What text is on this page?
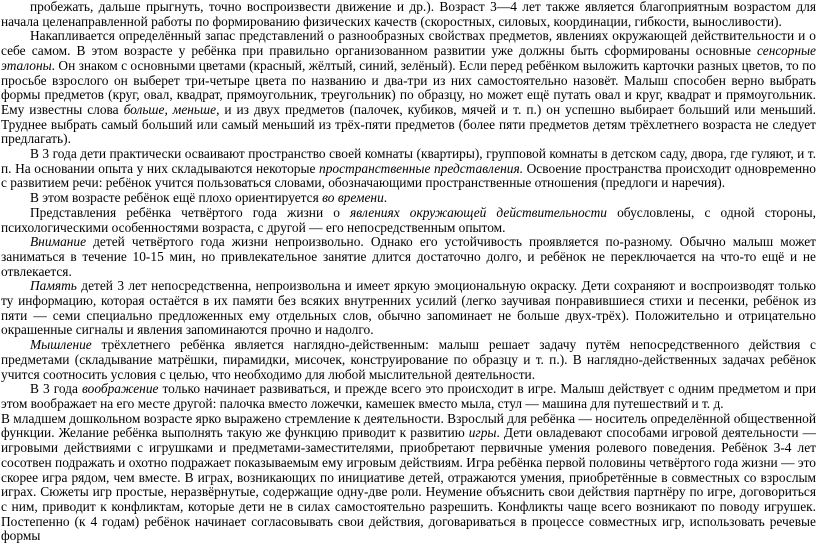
пробежать, дальше прыгнуть, точно воспроизвести движение и др.). Возраст 3—4 лет также является благоприятным возрастом для начала целенаправленной работы по формированию физических качеств (скоростных, силовых, координации, гибкости, выносливости).

Накапливается определённый запас представлений о разнообразных свойствах предметов, явлениях окружающей действительности и о себе самом. В этом возрасте у ребёнка при правильно организованном развитии уже должны быть сформированы основные сенсорные эталоны. Он знаком с основными цветами (красный, жёлтый, синий, зелёный). Если перед ребёнком выложить карточки разных цветов, то по просьбе взрослого он выберет три-четыре цвета по названию и два-три из них самостоятельно назовёт. Малыш способен верно выбрать формы предметов (круг, овал, квадрат, прямоугольник, треугольник) по образцу, но может ещё путать овал и круг, квадрат и прямоугольник. Ему известны слова больше, меньше, и из двух предметов (палочек, кубиков, мячей и т. п.) он успешно выбирает больший или меньший. Труднее выбрать самый больший или самый меньший из трёх-пяти предметов (более пяти предметов детям трёхлетнего возраста не следует предлагать).

В 3 года дети практически осваивают пространство своей комнаты (квартиры), групповой комнаты в детском саду, двора, где гуляют, и т. п. На основании опыта у них складываются некоторые пространственные представления. Освоение пространства происходит одновременно с развитием речи: ребёнок учится пользоваться словами, обозначающими пространственные отношения (предлоги и наречия).

В этом возрасте ребёнок ещё плохо ориентируется во времени.

Представления ребёнка четвёртого года жизни о явлениях окружающей действительности обусловлены, с одной стороны, психологическими особенностями возраста, с другой — его непосредственным опытом.

Внимание детей четвёртого года жизни непроизвольно. Однако его устойчивость проявляется по-разному. Обычно малыш может заниматься в течение 10-15 мин, но привлекательное занятие длится достаточно долго, и ребёнок не переключается на что-то ещё и не отвлекается.

Память детей 3 лет непосредственна, непроизвольна и имеет яркую эмоциональную окраску. Дети сохраняют и воспроизводят только ту информацию, которая остаётся в их памяти без всяких внутренних усилий (легко заучивая понравившиеся стихи и песенки, ребёнок из пяти — семи специально предложенных ему отдельных слов, обычно запоминает не больше двух-трёх). Положительно и отрицательно окрашенные сигналы и явления запоминаются прочно и надолго.

Мышление трёхлетнего ребёнка является наглядно-действенным: малыш решает задачу путём непосредственного действия с предметами (складывание матрёшки, пирамидки, мисочек, конструирование по образцу и т. п.). В наглядно-действенных задачах ребёнок учится соотносить условия с целью, что необходимо для любой мыслительной деятельности.

В 3 года воображение только начинает развиваться, и прежде всего это происходит в игре. Малыш действует с одним предметом и при этом воображает на его месте другой: палочка вместо ложечки, камешек вместо мыла, стул — машина для путешествий и т. д.

В младшем дошкольном возрасте ярко выражено стремление к деятельности. Взрослый для ребёнка — носитель определённой общественной функции. Желание ребёнка выполнять такую же функцию приводит к развитию игры. Дети овладевают способами игровой деятельности — игровыми действиями с игрушками и предметами-заместителями, приобретают первичные умения ролевого поведения. Ребёнок 3-4 лет сосотвен подражать и охотно подражает показываемым ему игровым действиям. Игра ребёнка первой половины четвёртого года жизни — это скорее игра рядом, чем вместе. В играх, возникающих по инициативе детей, отражаются умения, приобретённые в совместных со взрослым играх. Сюжеты игр простые, неразвёрнутые, содержащие одну-две роли. Неумение объяснить свои действия партнёру по игре, договориться с ним, приводит к конфликтам, которые дети не в силах самостоятельно разрешить. Конфликты чаще всего возникают по поводу игрушек. Постепенно (к 4 годам) ребёнок начинает согласовывать свои действия, договариваться в процессе совместных игр, использовать речевые формы
